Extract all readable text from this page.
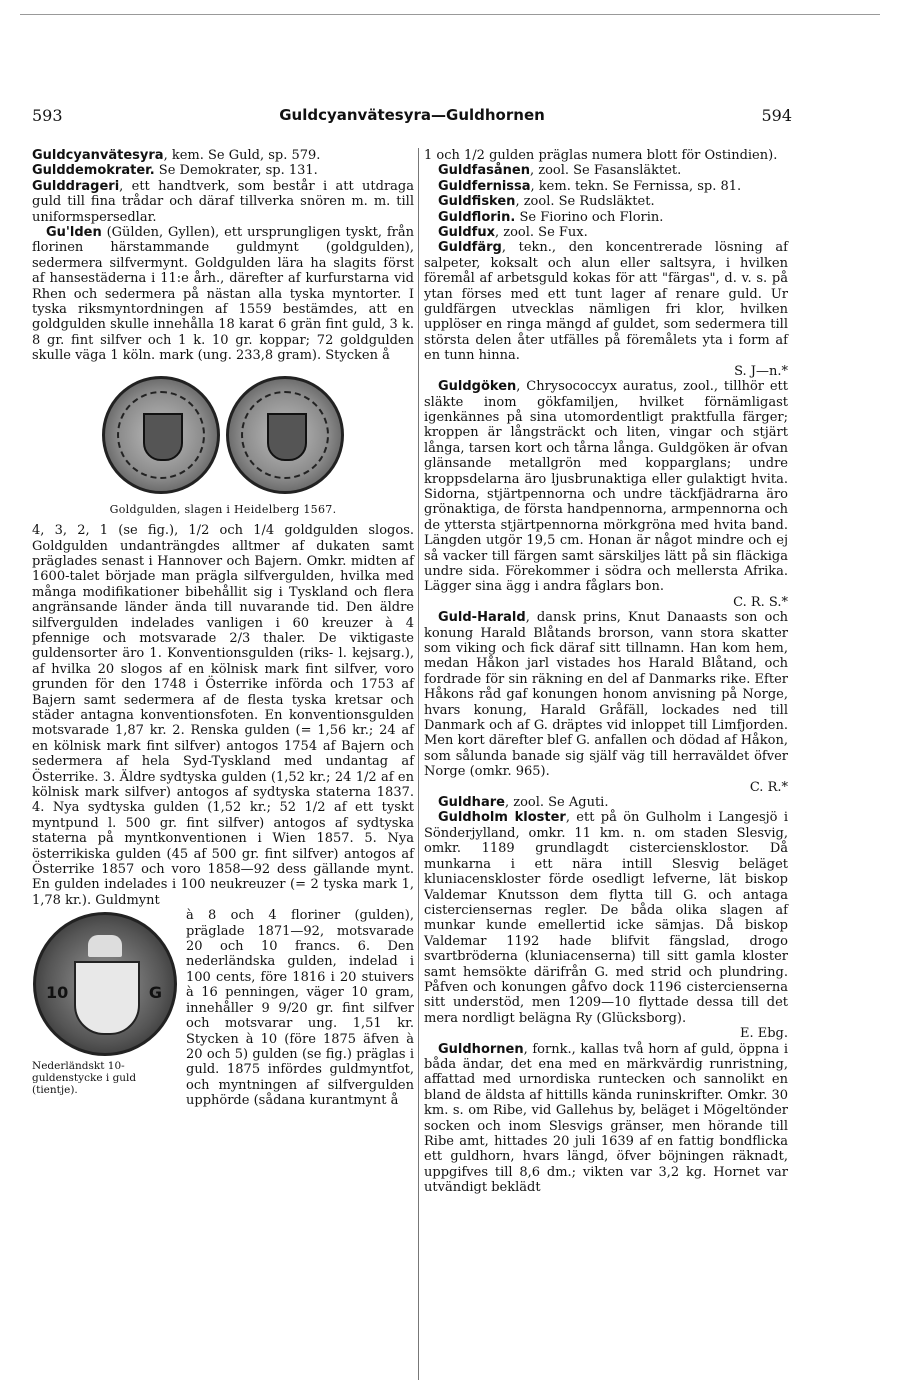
593	Guldcyanvätesyra—Guldhornen	594

Guldcyanvätesyra, kem. Se Guld, sp. 579.

Gulddemokrater. Se Demokrater, sp. 131.

Gulddrageri, ett handtverk, som består i att utdraga guld till fina trådar och däraf tillverka snören m. m. till uniformspersedlar.

Gu'lden (Gülden, Gyllen), ett ursprungligen tyskt, från florinen härstammande guldmynt (goldgulden), sedermera silfvermynt. Goldgulden lära ha slagits först af hansestäderna i 11:e årh., därefter af kurfurstarna vid Rhen och sedermera på nästan alla tyska myntorter. I tyska riksmyntordningen af 1559 bestämdes, att en goldgulden skulle innehålla 18 karat 6 grän fint guld, 3 k. 8 gr. fint silfver och 1 k. 10 gr. koppar; 72 goldgulden skulle väga 1 köln. mark (ung. 233,8 gram). Stycken å

Goldgulden, slagen i Heidelberg 1567.

4, 3, 2, 1 (se fig.), 1/2 och 1/4 goldgulden slogos. Goldgulden undanträngdes alltmer af dukaten samt präglades senast i Hannover och Bajern. Omkr. midten af 1600-talet började man prägla silfvergulden, hvilka med många modifikationer bibehållit sig i Tyskland och flera angränsande länder ända till nuvarande tid. Den äldre silfvergulden indelades vanligen i 60 kreuzer à 4 pfennige och motsvarade 2/3 thaler. De viktigaste guldensorter äro 1. Konventionsgulden (riks- l. kejsarg.), af hvilka 20 slogos af en kölnisk mark fint silfver, voro grunden för den 1748 i Österrike införda och 1753 af Bajern samt sedermera af de flesta tyska kretsar och städer antagna konventionsfoten. En konventionsgulden motsvarade 1,87 kr. 2. Renska gulden (= 1,56 kr.; 24 af en kölnisk mark fint silfver) antogos 1754 af Bajern och sedermera af hela Syd-Tyskland med undantag af Österrike. 3. Äldre sydtyska gulden (1,52 kr.; 24 1/2 af en kölnisk mark silfver) antogos af sydtyska staterna 1837. 4. Nya sydtyska gulden (1,52 kr.; 52 1/2 af ett tyskt myntpund l. 500 gr. fint silfver) antogos af sydtyska staterna på myntkonventionen i Wien 1857. 5. Nya österrikiska gulden (45 af 500 gr. fint silfver) antogos af Österrike 1857 och voro 1858—92 dess gällande mynt. En gulden indelades i 100 neukreuzer (= 2 tyska mark 1, 1,78 kr.). Guldmynt

10	G
Nederländskt 10-guldenstycke i guld (tientje).

à 8 och 4 floriner (gulden), präglade 1871—92, motsvarade 20 och 10 francs. 6. Den nederländska gulden, indelad i 100 cents, före 1816 i 20 stuivers à 16 penningen, väger 10 gram, innehåller 9 9/20 gr. fint silfver och motsvarar ung. 1,51 kr. Stycken à 10 (före 1875 äfven à 20 och 5) gulden (se fig.) präglas i guld. 1875 infördes guldmyntfot, och myntningen af silfvergulden upphörde (sådana kurantmynt å

1 och 1/2 gulden präglas numera blott för Ostindien).

Guldfasånen, zool. Se Fasansläktet.

Guldfernissa, kem. tekn. Se Fernissa, sp. 81.

Guldfisken, zool. Se Rudsläktet.

Guldflorin. Se Fiorino och Florin.

Guldfux, zool. Se Fux.

Guldfärg, tekn., den koncentrerade lösning af salpeter, koksalt och alun eller saltsyra, i hvilken föremål af arbetsguld kokas för att "färgas", d. v. s. på ytan förses med ett tunt lager af renare guld. Ur guldfärgen utvecklas nämligen fri klor, hvilken upplöser en ringa mängd af guldet, som sedermera till största delen åter utfälles på föremålets yta i form af en tunn hinna.
S. J—n.*

Guldgöken, Chrysococcyx auratus, zool., tillhör ett släkte inom gökfamiljen, hvilket förnämligast igenkännes på sina utomordentligt praktfulla färger; kroppen är långsträckt och liten, vingar och stjärt långa, tarsen kort och tårna långa. Guldgöken är ofvan glänsande metallgrön med kopparglans; undre kroppsdelarna äro ljusbrunaktiga eller gulaktigt hvita. Sidorna, stjärtpennorna och undre täckfjädrarna äro grönaktiga, de första handpennorna, armpennorna och de yttersta stjärtpennorna mörkgröna med hvita band. Längden utgör 19,5 cm. Honan är något mindre och ej så vacker till färgen samt särskiljes lätt på sin fläckiga undre sida. Förekommer i södra och mellersta Afrika. Lägger sina ägg i andra fåglars bon.
C. R. S.*

Guld-Harald, dansk prins, Knut Danaasts son och konung Harald Blåtands brorson, vann stora skatter som viking och fick däraf sitt tillnamn. Han kom hem, medan Håkon jarl vistades hos Harald Blåtand, och fordrade för sin räkning en del af Danmarks rike. Efter Håkons råd gaf konungen honom anvisning på Norge, hvars konung, Harald Gråfäll, lockades ned till Danmark och af G. dräptes vid inloppet till Limfjorden. Men kort därefter blef G. anfallen och dödad af Håkon, som sålunda banade sig själf väg till herraväldet öfver Norge (omkr. 965).
C. R.*

Guldhare, zool. Se Aguti.

Guldholm kloster, ett på ön Gulholm i Langesjö i Sönderjylland, omkr. 11 km. n. om staden Slesvig, omkr. 1189 grundlagdt cisterciensklostor. Då munkarna i ett nära intill Slesvig beläget kluniacenskloster förde osedligt lefverne, lät biskop Valdemar Knutsson dem flytta till G. och antaga cisterciensernas regler. De båda olika slagen af munkar kunde emellertid icke sämjas. Då biskop Valdemar 1192 hade blifvit fängslad, drogo svartbröderna (kluniacenserna) till sitt gamla kloster samt hemsökte därifrån G. med strid och plundring. Påfven och konungen gåfvo dock 1196 cistercienserna sitt understöd, men 1209—10 flyttade dessa till det mera nordligt belägna Ry (Glücksborg).
E. Ebg.

Guldhornen, fornk., kallas två horn af guld, öppna i båda ändar, det ena med en märkvärdig runristning, affattad med urnordiska runtecken och sannolikt en bland de äldsta af hittills kända runinskrifter. Omkr. 30 km. s. om Ribe, vid Gallehus by, beläget i Mögeltönder socken och inom Slesvigs gränser, men hörande till Ribe amt, hittades 20 juli 1639 af en fattig bondflicka ett guldhorn, hvars längd, öfver böjningen räknadt, uppgifves till 8,6 dm.; vikten var 3,2 kg. Hornet var utvändigt beklädt
